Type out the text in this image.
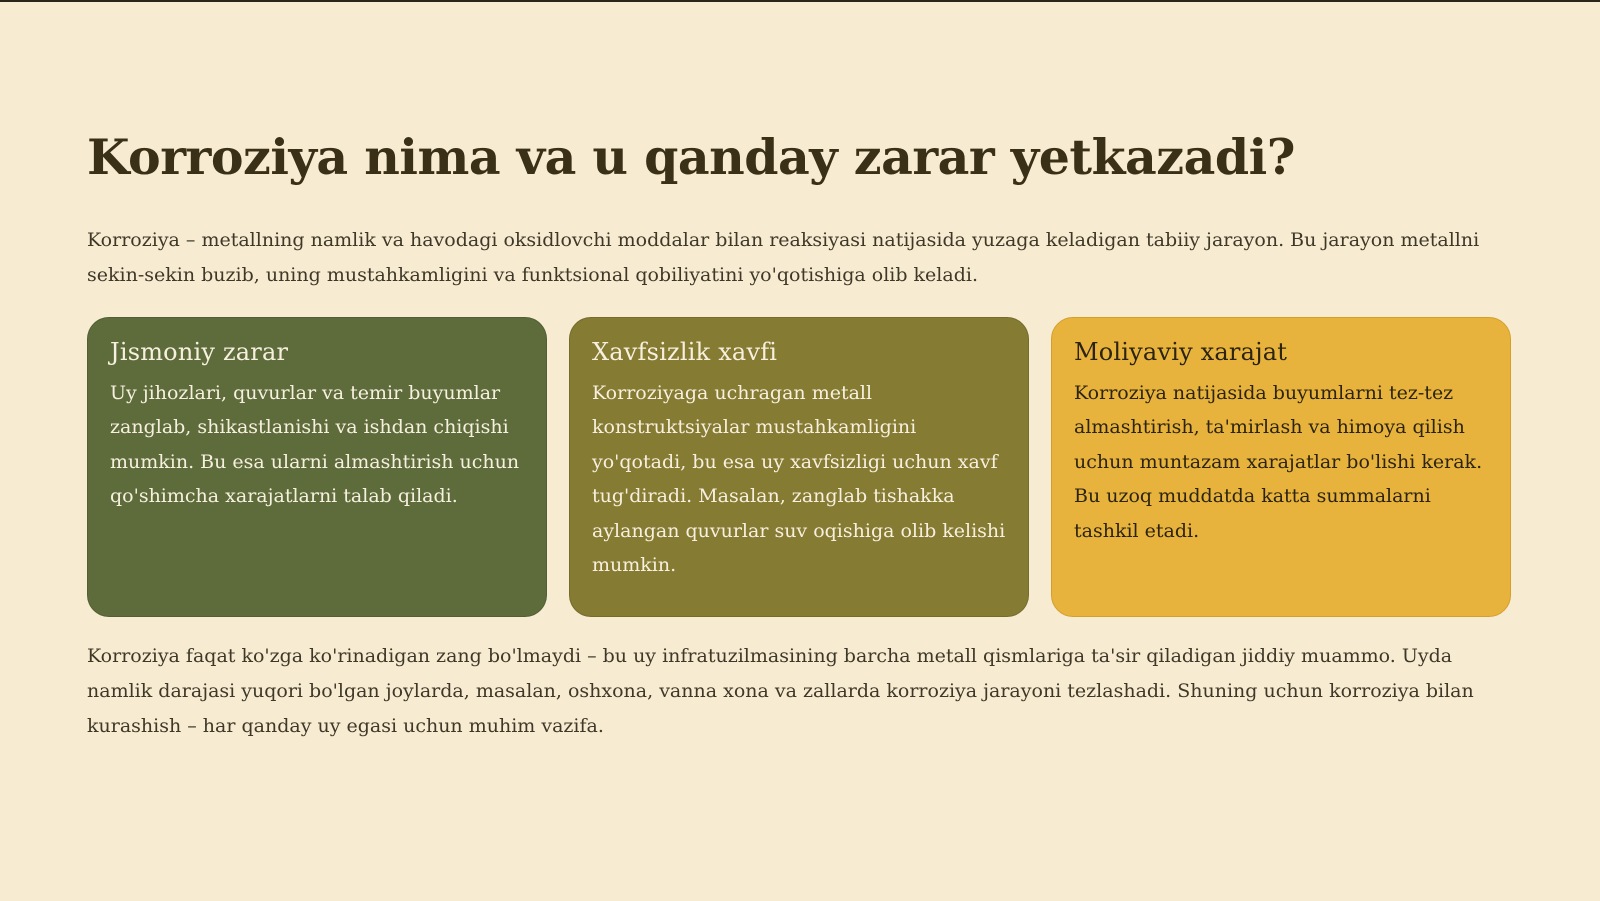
Korroziya nima va u qanday zarar yetkazadi?

Korroziya – metallning namlik va havodagi oksidlovchi moddalar bilan reaksiyasi natijasida yuzaga keladigan tabiiy jarayon. Bu jarayon metallni sekin-sekin buzib, uning mustahkamligini va funktsional qobiliyatini yo'qotishiga olib keladi.

Jismoniy zarar

Uy jihozlari, quvurlar va temir buyumlar zanglab, shikastlanishi va ishdan chiqishi mumkin. Bu esa ularni almashtirish uchun qo'shimcha xarajatlarni talab qiladi.

Xavfsizlik xavfi

Korroziyaga uchragan metall konstruktsiyalar mustahkamligini yo'qotadi, bu esa uy xavfsizligi uchun xavf tug'diradi. Masalan, zanglab tishakka aylangan quvurlar suv oqishiga olib kelishi mumkin.

Moliyaviy xarajat

Korroziya natijasida buyumlarni tez-tez almashtirish, ta'mirlash va himoya qilish uchun muntazam xarajatlar bo'lishi kerak. Bu uzoq muddatda katta summalarni tashkil etadi.

Korroziya faqat ko'zga ko'rinadigan zang bo'lmaydi – bu uy infratuzilmasining barcha metall qismlariga ta'sir qiladigan jiddiy muammo. Uyda namlik darajasi yuqori bo'lgan joylarda, masalan, oshxona, vanna xona va zallarda korroziya jarayoni tezlashadi. Shuning uchun korroziya bilan kurashish – har qanday uy egasi uchun muhim vazifa.
